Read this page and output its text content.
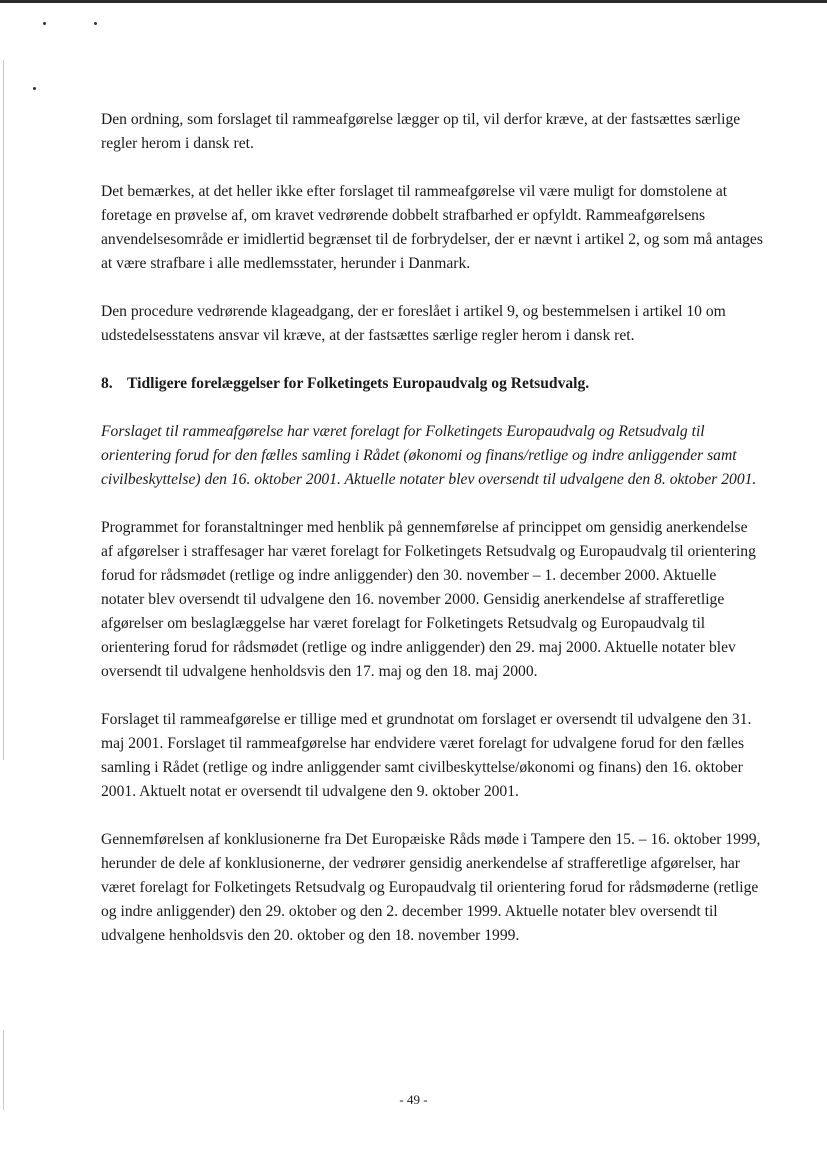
Den ordning, som forslaget til rammeafgørelse lægger op til, vil derfor kræve, at der fastsættes særlige regler herom i dansk ret.

Det bemærkes, at det heller ikke efter forslaget til rammeafgørelse vil være muligt for domstolene at foretage en prøvelse af, om kravet vedrørende dobbelt strafbarhed er opfyldt. Rammeafgørelsens anvendelsesområde er imidlertid begrænset til de forbrydelser, der er nævnt i artikel 2, og som må antages at være strafbare i alle medlemsstater, herunder i Danmark.

Den procedure vedrørende klageadgang, der er foreslået i artikel 9, og bestemmelsen i artikel 10 om udstedelsesstatens ansvar vil kræve, at der fastsættes særlige regler herom i dansk ret.

8. Tidligere forelæggelser for Folketingets Europaudvalg og Retsudvalg.

Forslaget til rammeafgørelse har været forelagt for Folketingets Europaudvalg og Retsudvalg til orientering forud for den fælles samling i Rådet (økonomi og finans/retlige og indre anliggender samt civilbeskyttelse) den 16. oktober 2001. Aktuelle notater blev oversendt til udvalgene den 8. oktober 2001.

Programmet for foranstaltninger med henblik på gennemførelse af princippet om gensidig anerkendelse af afgørelser i straffesager har været forelagt for Folketingets Retsudvalg og Europaudvalg til orientering forud for rådsmødet (retlige og indre anliggender) den 30. november – 1. december 2000. Aktuelle notater blev oversendt til udvalgene den 16. november 2000. Gensidig anerkendelse af strafferetlige afgørelser om beslaglæggelse har været forelagt for Folketingets Retsudvalg og Europaudvalg til orientering forud for rådsmødet (retlige og indre anliggender) den 29. maj 2000. Aktuelle notater blev oversendt til udvalgene henholdsvis den 17. maj og den 18. maj 2000.

Forslaget til rammeafgørelse er tillige med et grundnotat om forslaget er oversendt til udvalgene den 31. maj 2001. Forslaget til rammeafgørelse har endvidere været forelagt for udvalgene forud for den fælles samling i Rådet (retlige og indre anliggender samt civilbeskyttelse/økonomi og finans) den 16. oktober 2001. Aktuelt notat er oversendt til udvalgene den 9. oktober 2001.

Gennemførelsen af konklusionerne fra Det Europæiske Råds møde i Tampere den 15. – 16. oktober 1999, herunder de dele af konklusionerne, der vedrører gensidig anerkendelse af strafferetlige afgørelser, har været forelagt for Folketingets Retsudvalg og Europaudvalg til orientering forud for rådsmøderne (retlige og indre anliggender) den 29. oktober og den 2. december 1999. Aktuelle notater blev oversendt til udvalgene henholdsvis den 20. oktober og den 18. november 1999.

- 49 -
